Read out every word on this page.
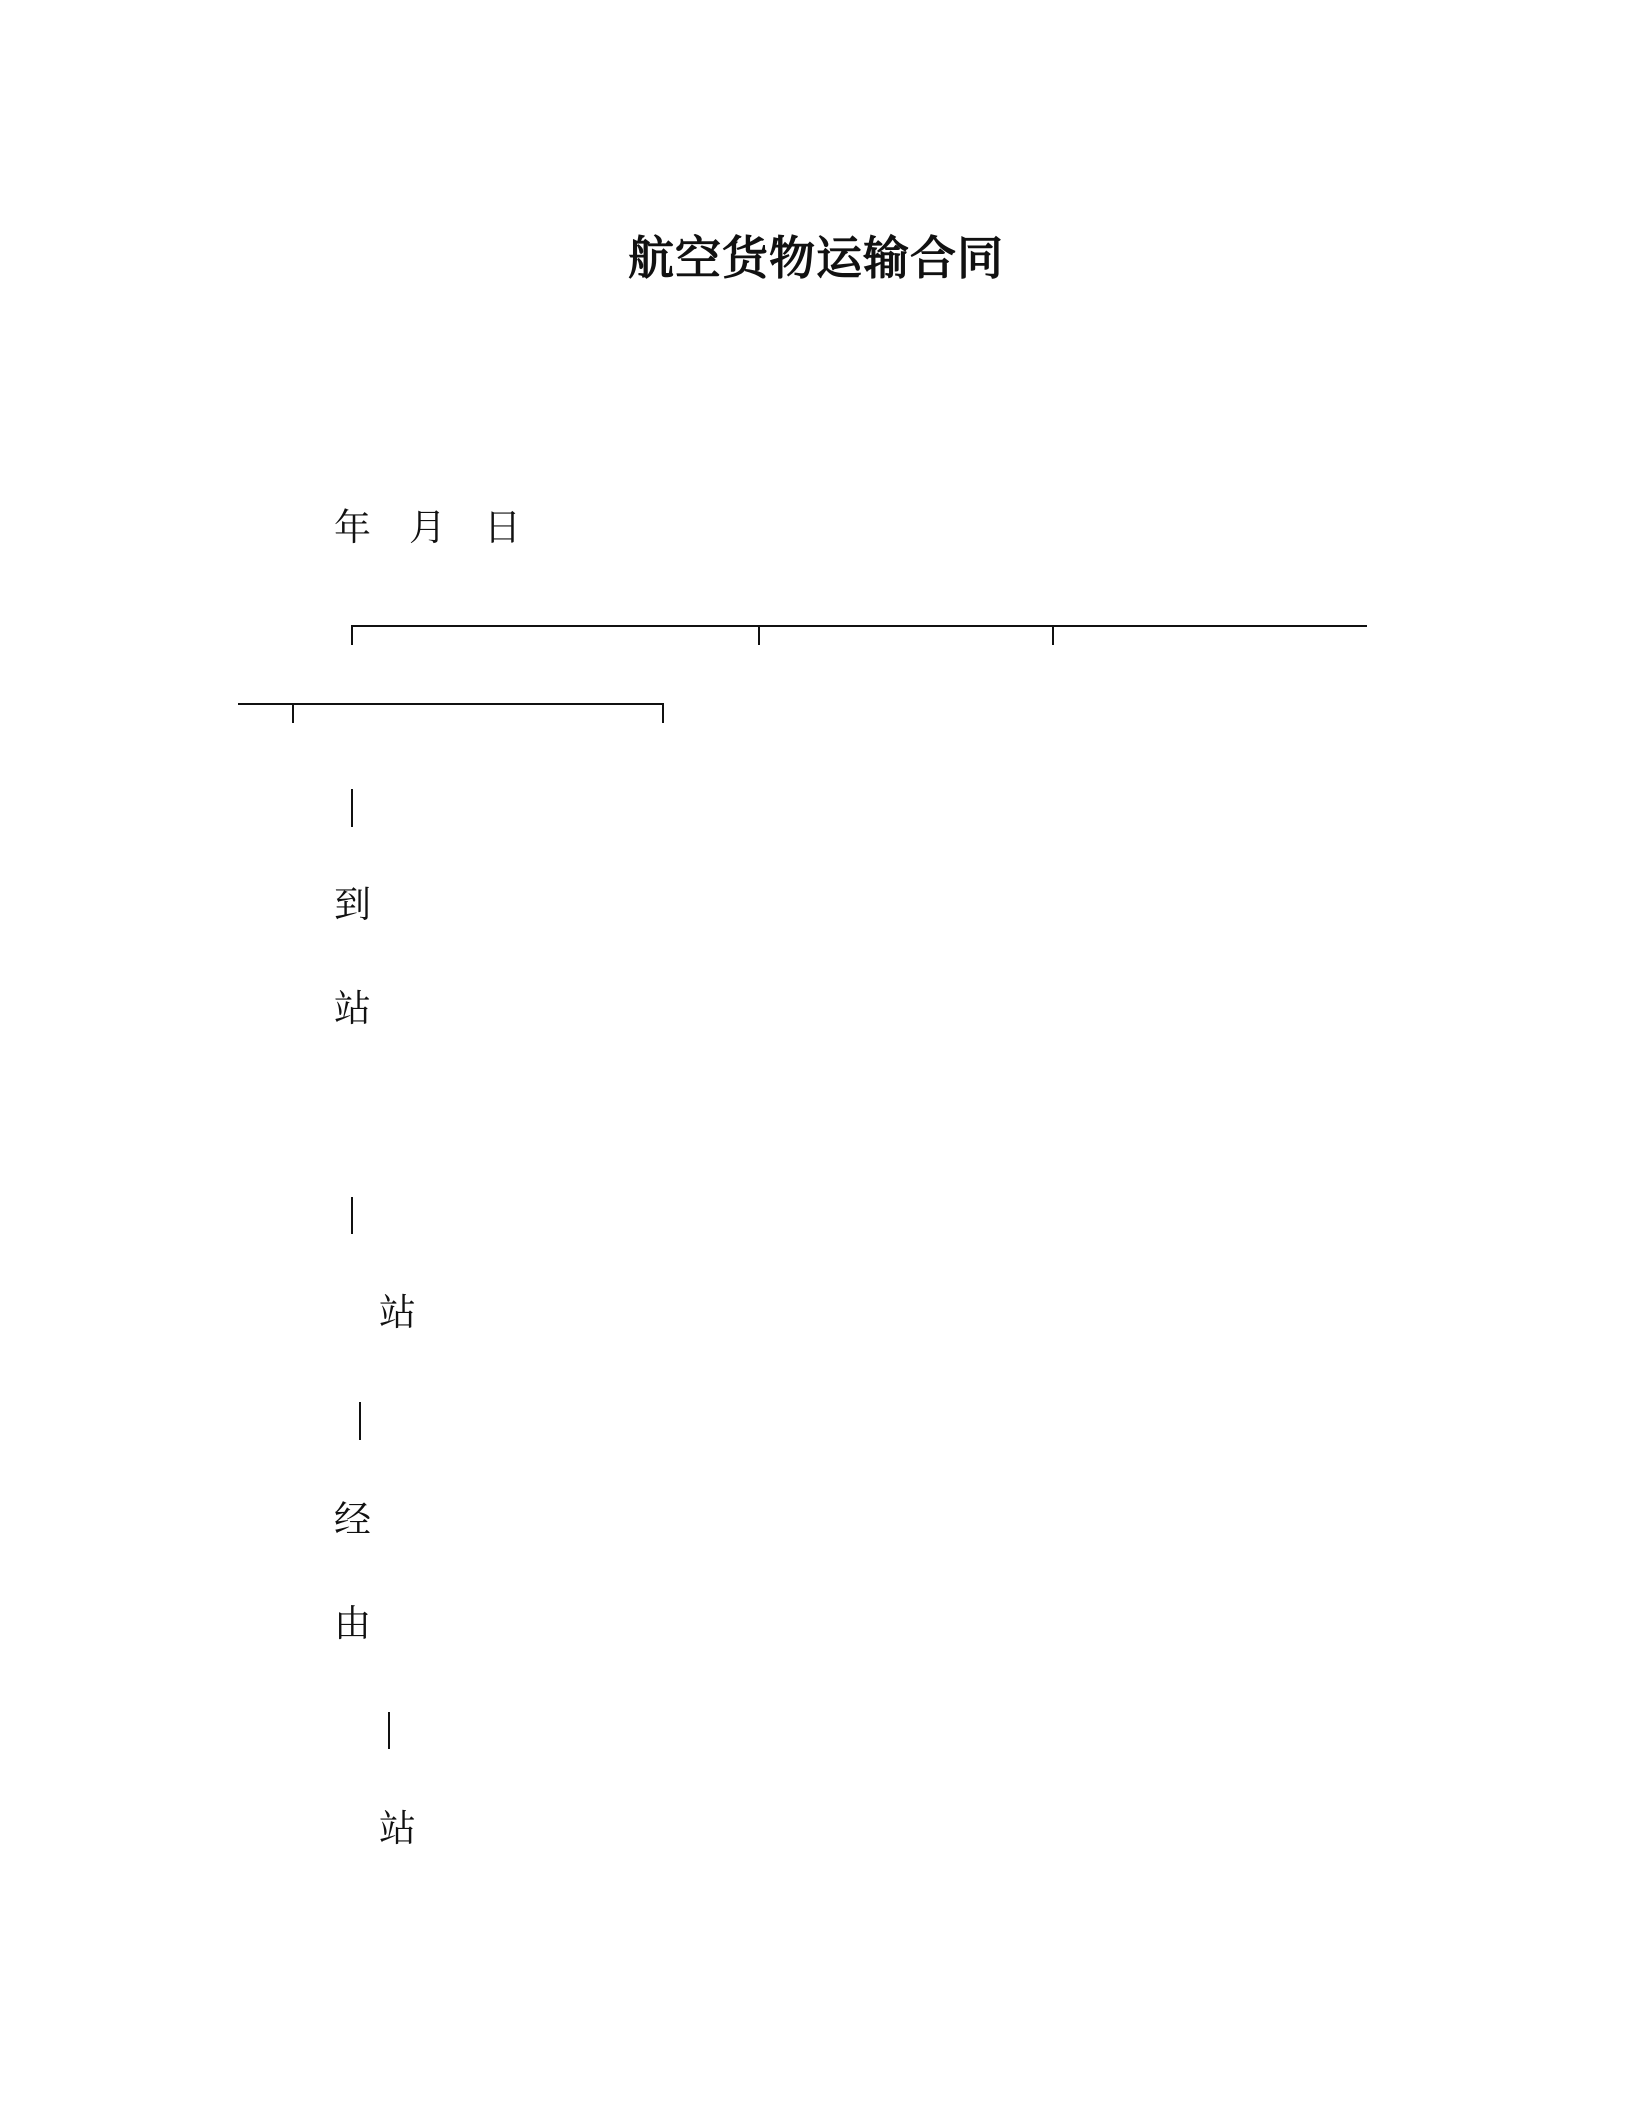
航空货物运输合同
年 月 日
到
站
站
经
由
站
